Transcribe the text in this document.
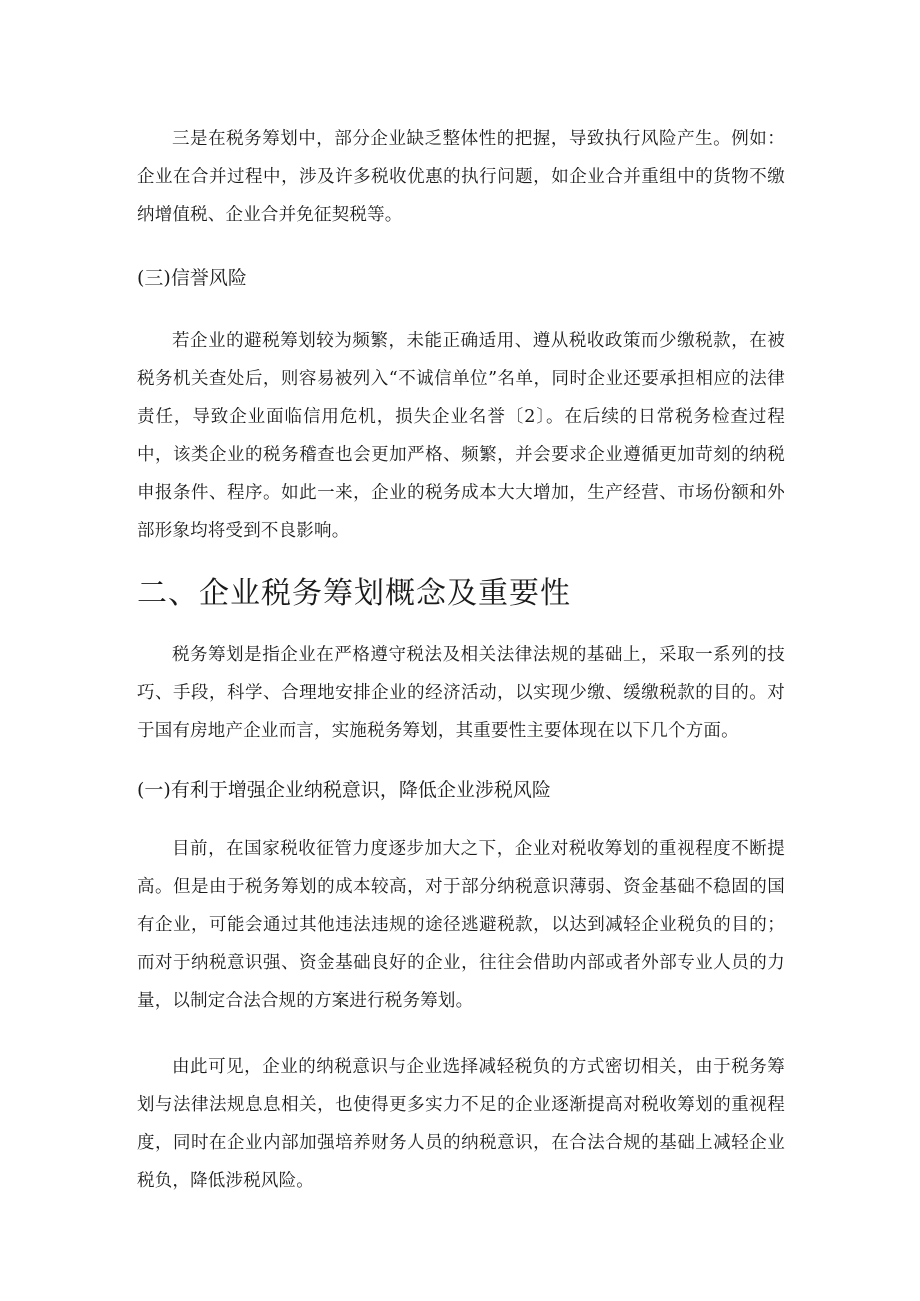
三是在税务筹划中，部分企业缺乏整体性的把握，导致执行风险产生。例如：企业在合并过程中，涉及许多税收优惠的执行问题，如企业合并重组中的货物不缴纳增值税、企业合并免征契税等。

(三)信誉风险

若企业的避税筹划较为频繁，未能正确适用、遵从税收政策而少缴税款，在被税务机关查处后，则容易被列入“不诚信单位”名单，同时企业还要承担相应的法律责任，导致企业面临信用危机，损失企业名誉〔2〕。在后续的日常税务检查过程中，该类企业的税务稽查也会更加严格、频繁，并会要求企业遵循更加苛刻的纳税申报条件、程序。如此一来，企业的税务成本大大增加，生产经营、市场份额和外部形象均将受到不良影响。

二、企业税务筹划概念及重要性

税务筹划是指企业在严格遵守税法及相关法律法规的基础上，采取一系列的技巧、手段，科学、合理地安排企业的经济活动，以实现少缴、缓缴税款的目的。对于国有房地产企业而言，实施税务筹划，其重要性主要体现在以下几个方面。

(一)有利于增强企业纳税意识，降低企业涉税风险

目前，在国家税收征管力度逐步加大之下，企业对税收筹划的重视程度不断提高。但是由于税务筹划的成本较高，对于部分纳税意识薄弱、资金基础不稳固的国有企业，可能会通过其他违法违规的途径逃避税款，以达到减轻企业税负的目的；而对于纳税意识强、资金基础良好的企业，往往会借助内部或者外部专业人员的力量，以制定合法合规的方案进行税务筹划。

由此可见，企业的纳税意识与企业选择减轻税负的方式密切相关，由于税务筹划与法律法规息息相关，也使得更多实力不足的企业逐渐提高对税收筹划的重视程度，同时在企业内部加强培养财务人员的纳税意识，在合法合规的基础上减轻企业税负，降低涉税风险。
